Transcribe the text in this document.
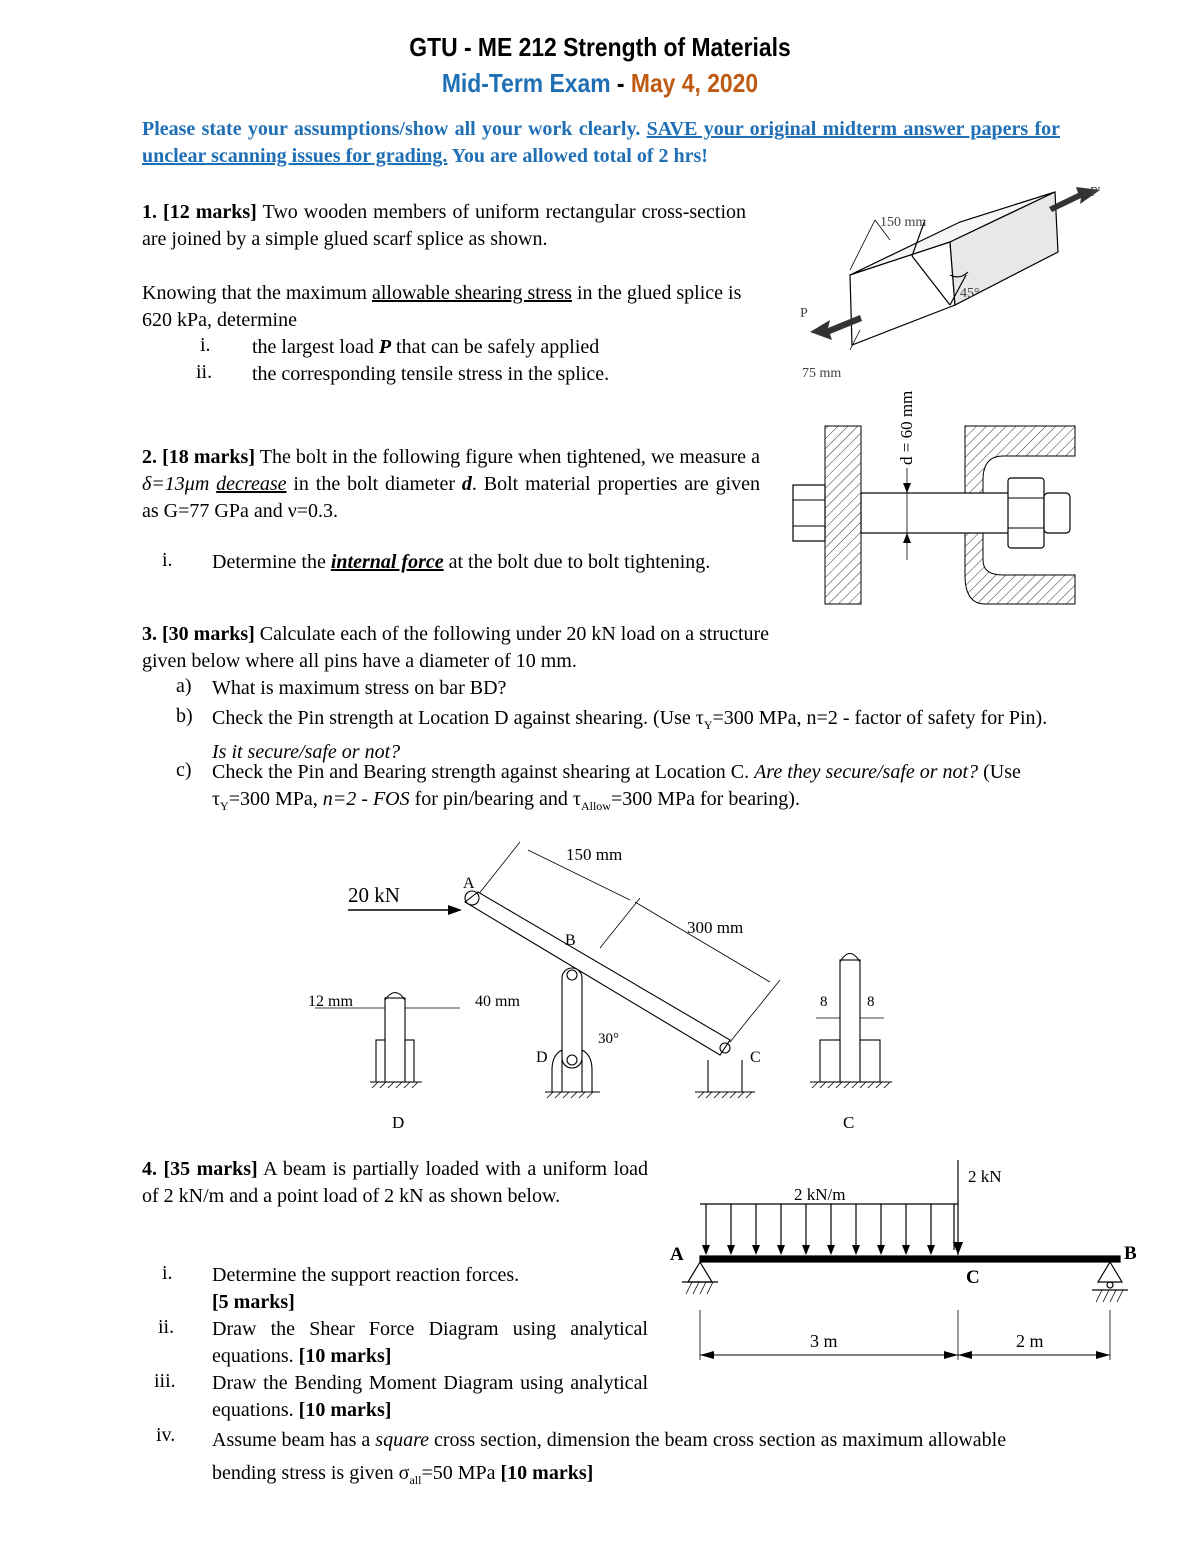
GTU - ME 212 Strength of Materials
Mid-Term Exam - May 4, 2020
Please state your assumptions/show all your work clearly. SAVE your original midterm answer papers for unclear scanning issues for grading. You are allowed total of 2 hrs!
1. [12 marks] Two wooden members of uniform rectangular cross-section are joined by a simple glued scarf splice as shown.
Knowing that the maximum allowable shearing stress in the glued splice is 620 kPa, determine
i. the largest load P that can be safely applied
ii. the corresponding tensile stress in the splice.
150 mm
75 mm
45°
P
P'
2. [18 marks] The bolt in the following figure when tightened, we measure a δ=13μm decrease in the bolt diameter d. Bolt material properties are given as G=77 GPa and ν=0.3.
i. Determine the internal force at the bolt due to bolt tightening.
d = 60 mm
3. [30 marks] Calculate each of the following under 20 kN load on a structure given below where all pins have a diameter of 10 mm.
a) What is maximum stress on bar BD?
b) Check the Pin strength at Location D against shearing. (Use $\tau_Y=300$ MPa, n=2 - factor of safety for Pin). Is it secure/safe or not?
c) Check the Pin and Bearing strength against shearing at Location C. Are they secure/safe or not? (Use $\tau_Y=300$ MPa, n=2 - FOS for pin/bearing and $\tau_{Allow}=300$ MPa for bearing).
20 kN	A
B
C
D
150 mm
300 mm
12 mm	40 mm
30°
8	8
D	C
4. [35 marks] A beam is partially loaded with a uniform load of 2 kN/m and a point load of 2 kN as shown below.
i. Determine the support reaction forces.
[5 marks]
ii. Draw the Shear Force Diagram using analytical equations. [10 marks]
iii. Draw the Bending Moment Diagram using analytical equations. [10 marks]
iv. Assume beam has a square cross section, dimension the beam cross section as maximum allowable bending stress is given $\sigma_{all}=50$ MPa [10 marks]
2 kN/m
2 kN
A	B
C
3 m	2 m
